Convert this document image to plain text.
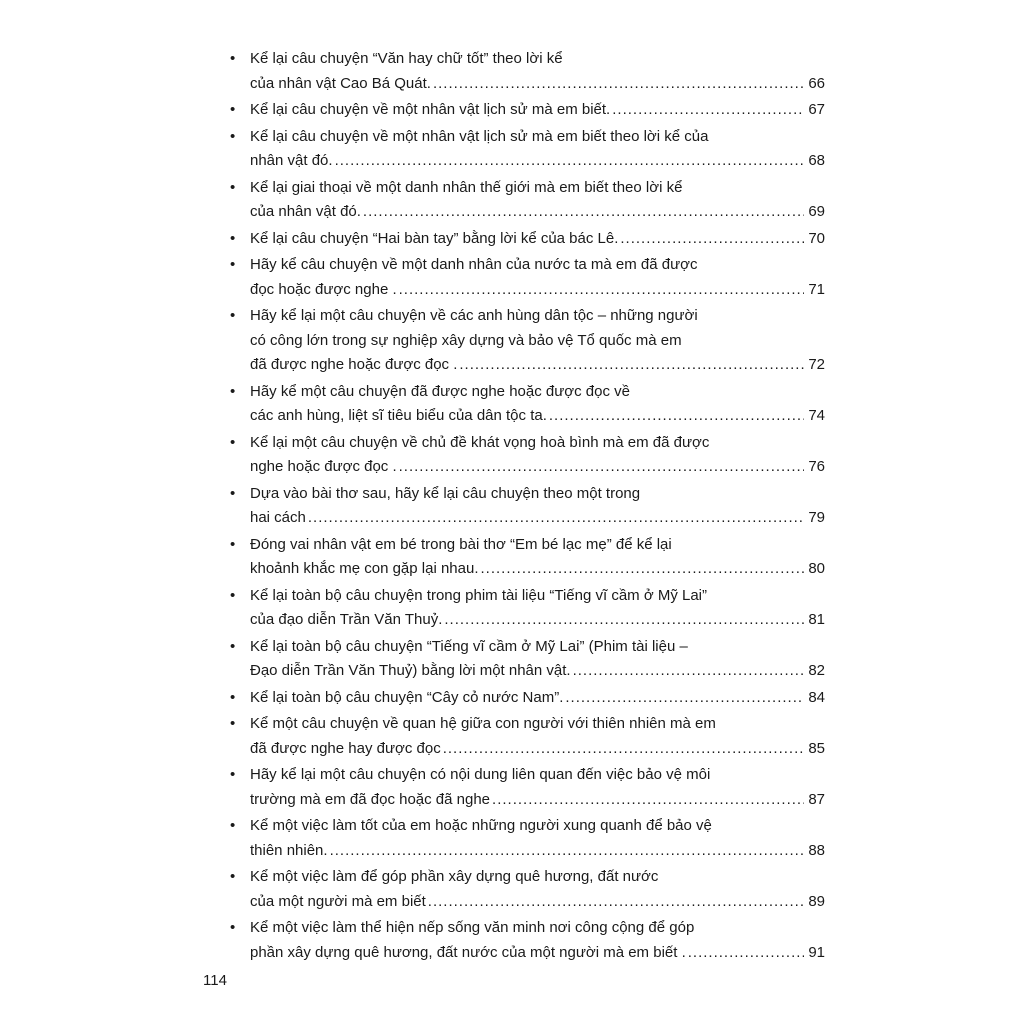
• Kể lại câu chuyện “Văn hay chữ tốt” theo lời kể
của nhân vật Cao Bá Quát. .....	66
• Kể lại câu chuyện về một nhân vật lịch sử mà em biết. .....	67
• Kể lại câu chuyện về một nhân vật lịch sử mà em biết theo lời kể của
nhân vật đó. .....	68
• Kể lại giai thoại về một danh nhân thế giới mà em biết theo lời kể
của nhân vật đó. .....	69
• Kể lại câu chuyện “Hai bàn tay” bằng lời kể của bác Lê. .....	70
• Hãy kể câu chuyện về một danh nhân của nước ta mà em đã được
đọc hoặc được nghe . .....	71
• Hãy kể lại một câu chuyện về các anh hùng dân tộc – những người
có công lớn trong sự nghiệp xây dựng và bảo vệ Tổ quốc mà em
đã được nghe hoặc được đọc . .....	72
• Hãy kể một câu chuyện đã được nghe hoặc được đọc về
các anh hùng, liệt sĩ tiêu biểu của dân tộc ta. .....	74
• Kể lại một câu chuyện về chủ đề khát vọng hoà bình mà em đã được
nghe hoặc được đọc . .....	76
• Dựa vào bài thơ sau, hãy kể lại câu chuyện theo một trong
hai cách .....	79
• Đóng vai nhân vật em bé trong bài thơ “Em bé lạc mẹ” để kể lại
khoảnh khắc mẹ con gặp lại nhau. .....	80
• Kể lại toàn bộ câu chuyện trong phim tài liệu “Tiếng vĩ cầm ở Mỹ Lai”
của đạo diễn Trần Văn Thuỷ. .....	81
• Kể lại toàn bộ câu chuyện “Tiếng vĩ cầm ở Mỹ Lai” (Phim tài liệu –
Đạo diễn Trần Văn Thuỷ) bằng lời một nhân vật. .....	82
• Kể lại toàn bộ câu chuyện “Cây cỏ nước Nam”. .....	84
• Kể một câu chuyện về quan hệ giữa con người với thiên nhiên mà em
đã được nghe hay được đọc .....	85
• Hãy kể lại một câu chuyện có nội dung liên quan đến việc bảo vệ môi
trường mà em đã đọc hoặc đã nghe .....	87
• Kể một việc làm tốt của em hoặc những người xung quanh để bảo vệ
thiên nhiên. .....	88
• Kể một việc làm để góp phần xây dựng quê hương, đất nước
của một người mà em biết .....	89
• Kể một việc làm thể hiện nếp sống văn minh nơi công cộng để góp
phần xây dựng quê hương, đất nước của một người mà em biết . .....	91
114
